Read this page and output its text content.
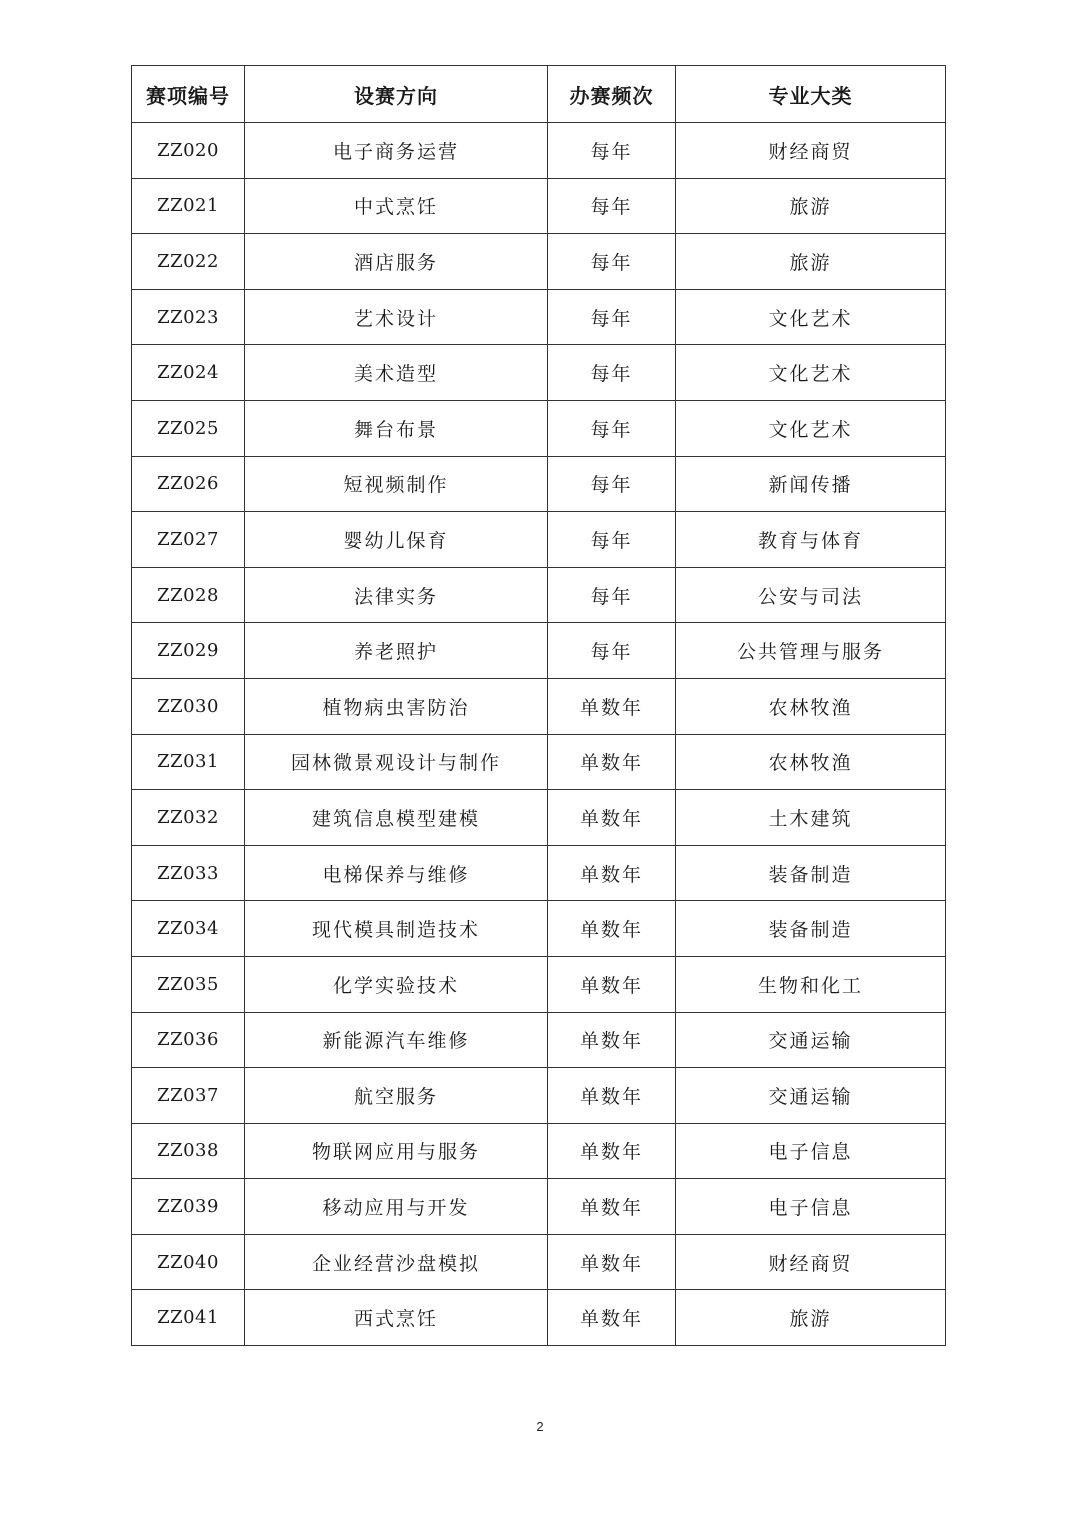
赛项编号	设赛方向	办赛频次	专业大类
ZZ020	电子商务运营	每年	财经商贸
ZZ021	中式烹饪	每年	旅游
ZZ022	酒店服务	每年	旅游
ZZ023	艺术设计	每年	文化艺术
ZZ024	美术造型	每年	文化艺术
ZZ025	舞台布景	每年	文化艺术
ZZ026	短视频制作	每年	新闻传播
ZZ027	婴幼儿保育	每年	教育与体育
ZZ028	法律实务	每年	公安与司法
ZZ029	养老照护	每年	公共管理与服务
ZZ030	植物病虫害防治	单数年	农林牧渔
ZZ031	园林微景观设计与制作	单数年	农林牧渔
ZZ032	建筑信息模型建模	单数年	土木建筑
ZZ033	电梯保养与维修	单数年	装备制造
ZZ034	现代模具制造技术	单数年	装备制造
ZZ035	化学实验技术	单数年	生物和化工
ZZ036	新能源汽车维修	单数年	交通运输
ZZ037	航空服务	单数年	交通运输
ZZ038	物联网应用与服务	单数年	电子信息
ZZ039	移动应用与开发	单数年	电子信息
ZZ040	企业经营沙盘模拟	单数年	财经商贸
ZZ041	西式烹饪	单数年	旅游
2
